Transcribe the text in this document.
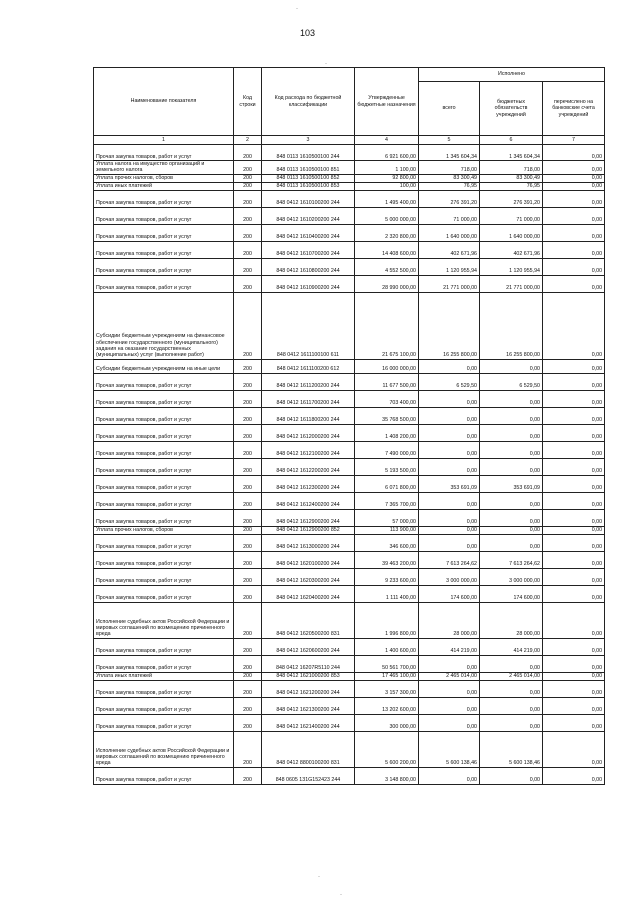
103
Наименование показателя	Код строки	Код расхода по бюджетной классификации	Утвержденные бюджетные назначения	Исполнено		
				всего	бюджетных обязательств учреждений	перечислено на банковские счета учреждений
1	2	3	4	5	6	7

Прочая закупка товаров, работ и услуг	200	848 0113 1610500100 244	6 921 600,00	1 345 604,34	1 345 604,34	0,00

Уплата налога на имущество организаций и земельного налога	200	848 0113 1610500100 851	1 100,00	718,00	718,00	0,00

Уплата прочих налогов, сборов	200	848 0113 1610500100 852	92 800,00	83 300,49	83 300,49	0,00

Уплата иных платежей	200	848 0113 1610500100 853	100,00	76,95	76,95	0,00

Прочая закупка товаров, работ и услуг	200	848 0412 1610100200 244	1 495 400,00	276 391,20	276 391,20	0,00

Прочая закупка товаров, работ и услуг	200	848 0412 1610200200 244	5 000 000,00	71 000,00	71 000,00	0,00

Прочая закупка товаров, работ и услуг	200	848 0412 1610400200 244	2 320 800,00	1 640 000,00	1 640 000,00	0,00

Прочая закупка товаров, работ и услуг	200	848 0412 1610700200 244	14 408 600,00	402 671,96	402 671,96	0,00

Прочая закупка товаров, работ и услуг	200	848 0412 1610800200 244	4 552 500,00	1 120 955,94	1 120 955,94	0,00

Прочая закупка товаров, работ и услуг	200	848 0412 1610900200 244	28 990 000,00	21 771 000,00	21 771 000,00	0,00

Субсидии бюджетным учреждениям на финансовое обеспечение государственного (муниципального) задания на оказание государственных (муниципальных) услуг (выполнение работ)	200	848 0412 1611100100 611	21 675 100,00	16 255 800,00	16 255 800,00	0,00

Субсидии бюджетным учреждениям на иные цели	200	848 0412 1611100200 612	16 000 000,00	0,00	0,00	0,00

Прочая закупка товаров, работ и услуг	200	848 0412 1611200200 244	11 677 500,00	6 529,50	6 529,50	0,00

Прочая закупка товаров, работ и услуг	200	848 0412 1611700200 244	703 400,00	0,00	0,00	0,00

Прочая закупка товаров, работ и услуг	200	848 0412 1611800200 244	35 768 500,00	0,00	0,00	0,00

Прочая закупка товаров, работ и услуг	200	848 0412 1612000200 244	1 408 200,00	0,00	0,00	0,00

Прочая закупка товаров, работ и услуг	200	848 0412 1612100200 244	7 490 000,00	0,00	0,00	0,00

Прочая закупка товаров, работ и услуг	200	848 0412 1612200200 244	5 193 500,00	0,00	0,00	0,00

Прочая закупка товаров, работ и услуг	200	848 0412 1612300200 244	6 071 800,00	353 691,09	353 691,09	0,00

Прочая закупка товаров, работ и услуг	200	848 0412 1612400200 244	7 365 700,00	0,00	0,00	0,00

Прочая закупка товаров, работ и услуг	200	848 0412 1612900200 244	57 000,00	0,00	0,00	0,00

Уплата прочих налогов, сборов	200	848 0412 1612900200 852	113 900,00	0,00	0,00	0,00

Прочая закупка товаров, работ и услуг	200	848 0412 1613000200 244	346 600,00	0,00	0,00	0,00

Прочая закупка товаров, работ и услуг	200	848 0412 1620100200 244	39 463 200,00	7 613 264,62	7 613 264,62	0,00

Прочая закупка товаров, работ и услуг	200	848 0412 1620300200 244	9 233 600,00	3 000 000,00	3 000 000,00	0,00

Прочая закупка товаров, работ и услуг	200	848 0412 1620400200 244	1 111 400,00	174 600,00	174 600,00	0,00

Исполнение судебных актов Российской Федерации и мировых соглашений по возмещению причиненного вреда	200	848 0412 1620500200 831	1 996 800,00	28 000,00	28 000,00	0,00

Прочая закупка товаров, работ и услуг	200	848 0412 1620600200 244	1 400 600,00	414 219,00	414 219,00	0,00

Прочая закупка товаров, работ и услуг	200	848 0412 16207R5110 244	50 561 700,00	0,00	0,00	0,00

Уплата иных платежей	200	848 0412 1621000200 853	17 465 100,00	2 465 014,00	2 465 014,00	0,00

Прочая закупка товаров, работ и услуг	200	848 0412 1621200200 244	3 157 300,00	0,00	0,00	0,00

Прочая закупка товаров, работ и услуг	200	848 0412 1621300200 244	13 202 600,00	0,00	0,00	0,00

Прочая закупка товаров, работ и услуг	200	848 0412 1621400200 244	300 000,00	0,00	0,00	0,00

Исполнение судебных актов Российской Федерации и мировых соглашений по возмещению причиненного вреда	200	848 0412 8800100200 831	5 600 200,00	5 600 138,46	5 600 138,46	0,00

Прочая закупка товаров, работ и услуг	200	848 0605 131G152423 244	3 148 800,00	0,00	0,00	0,00
·
·
·
·
